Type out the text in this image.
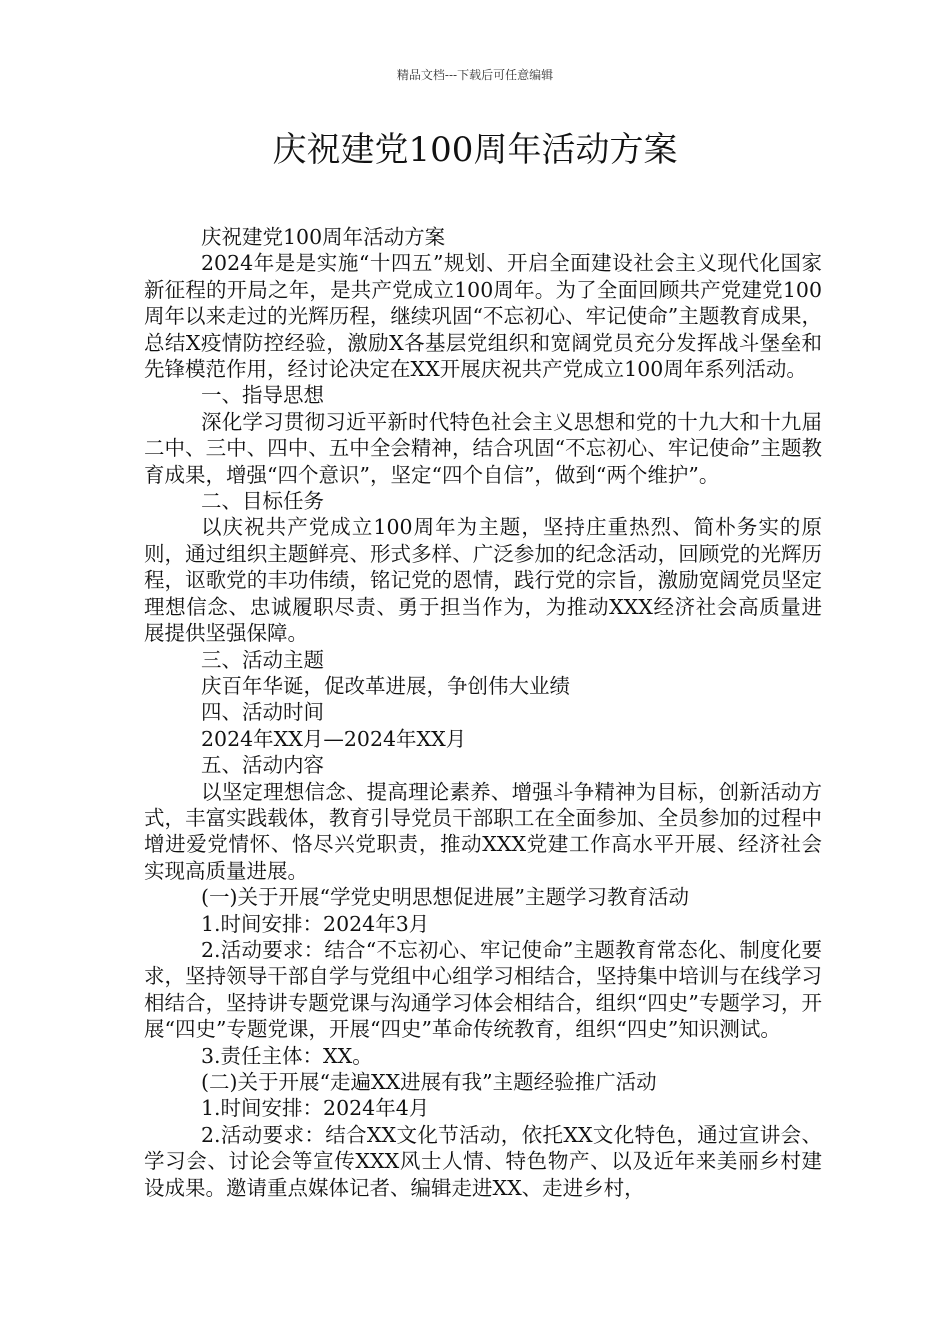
精品文档---下载后可任意编辑
庆祝建党100周年活动方案

庆祝建党100周年活动方案

2024年是是实施“十四五”规划、开启全面建设社会主义现代化国家新征程的开局之年，是共产党成立100周年。为了全面回顾共产党建党100周年以来走过的光辉历程，继续巩固“不忘初心、牢记使命”主题教育成果，总结X疫情防控经验，激励X各基层党组织和宽阔党员充分发挥战斗堡垒和先锋模范作用，经讨论决定在XX开展庆祝共产党成立100周年系列活动。

一、指导思想

深化学习贯彻习近平新时代特色社会主义思想和党的十九大和十九届二中、三中、四中、五中全会精神，结合巩固“不忘初心、牢记使命”主题教育成果，增强“四个意识”，坚定“四个自信”，做到“两个维护”。

二、目标任务

以庆祝共产党成立100周年为主题，坚持庄重热烈、简朴务实的原则，通过组织主题鲜亮、形式多样、广泛参加的纪念活动，回顾党的光辉历程，讴歌党的丰功伟绩，铭记党的恩情，践行党的宗旨，激励宽阔党员坚定理想信念、忠诚履职尽责、勇于担当作为，为推动XXX经济社会高质量进展提供坚强保障。

三、活动主题

庆百年华诞，促改革进展，争创伟大业绩

四、活动时间

2024年XX月—2024年XX月

五、活动内容

以坚定理想信念、提高理论素养、增强斗争精神为目标，创新活动方式，丰富实践载体，教育引导党员干部职工在全面参加、全员参加的过程中增进爱党情怀、恪尽兴党职责，推动XXX党建工作高水平开展、经济社会实现高质量进展。

(一)关于开展“学党史明思想促进展”主题学习教育活动

1.时间安排：2024年3月

2.活动要求：结合“不忘初心、牢记使命”主题教育常态化、制度化要求，坚持领导干部自学与党组中心组学习相结合，坚持集中培训与在线学习相结合，坚持讲专题党课与沟通学习体会相结合，组织“四史”专题学习，开展“四史”专题党课，开展“四史”革命传统教育，组织“四史”知识测试。

3.责任主体：XX。

(二)关于开展“走遍XX进展有我”主题经验推广活动

1.时间安排：2024年4月

2.活动要求：结合XX文化节活动，依托XX文化特色，通过宣讲会、学习会、讨论会等宣传XXX风士人情、特色物产、以及近年来美丽乡村建设成果。邀请重点媒体记者、编辑走进XX、走进乡村，
